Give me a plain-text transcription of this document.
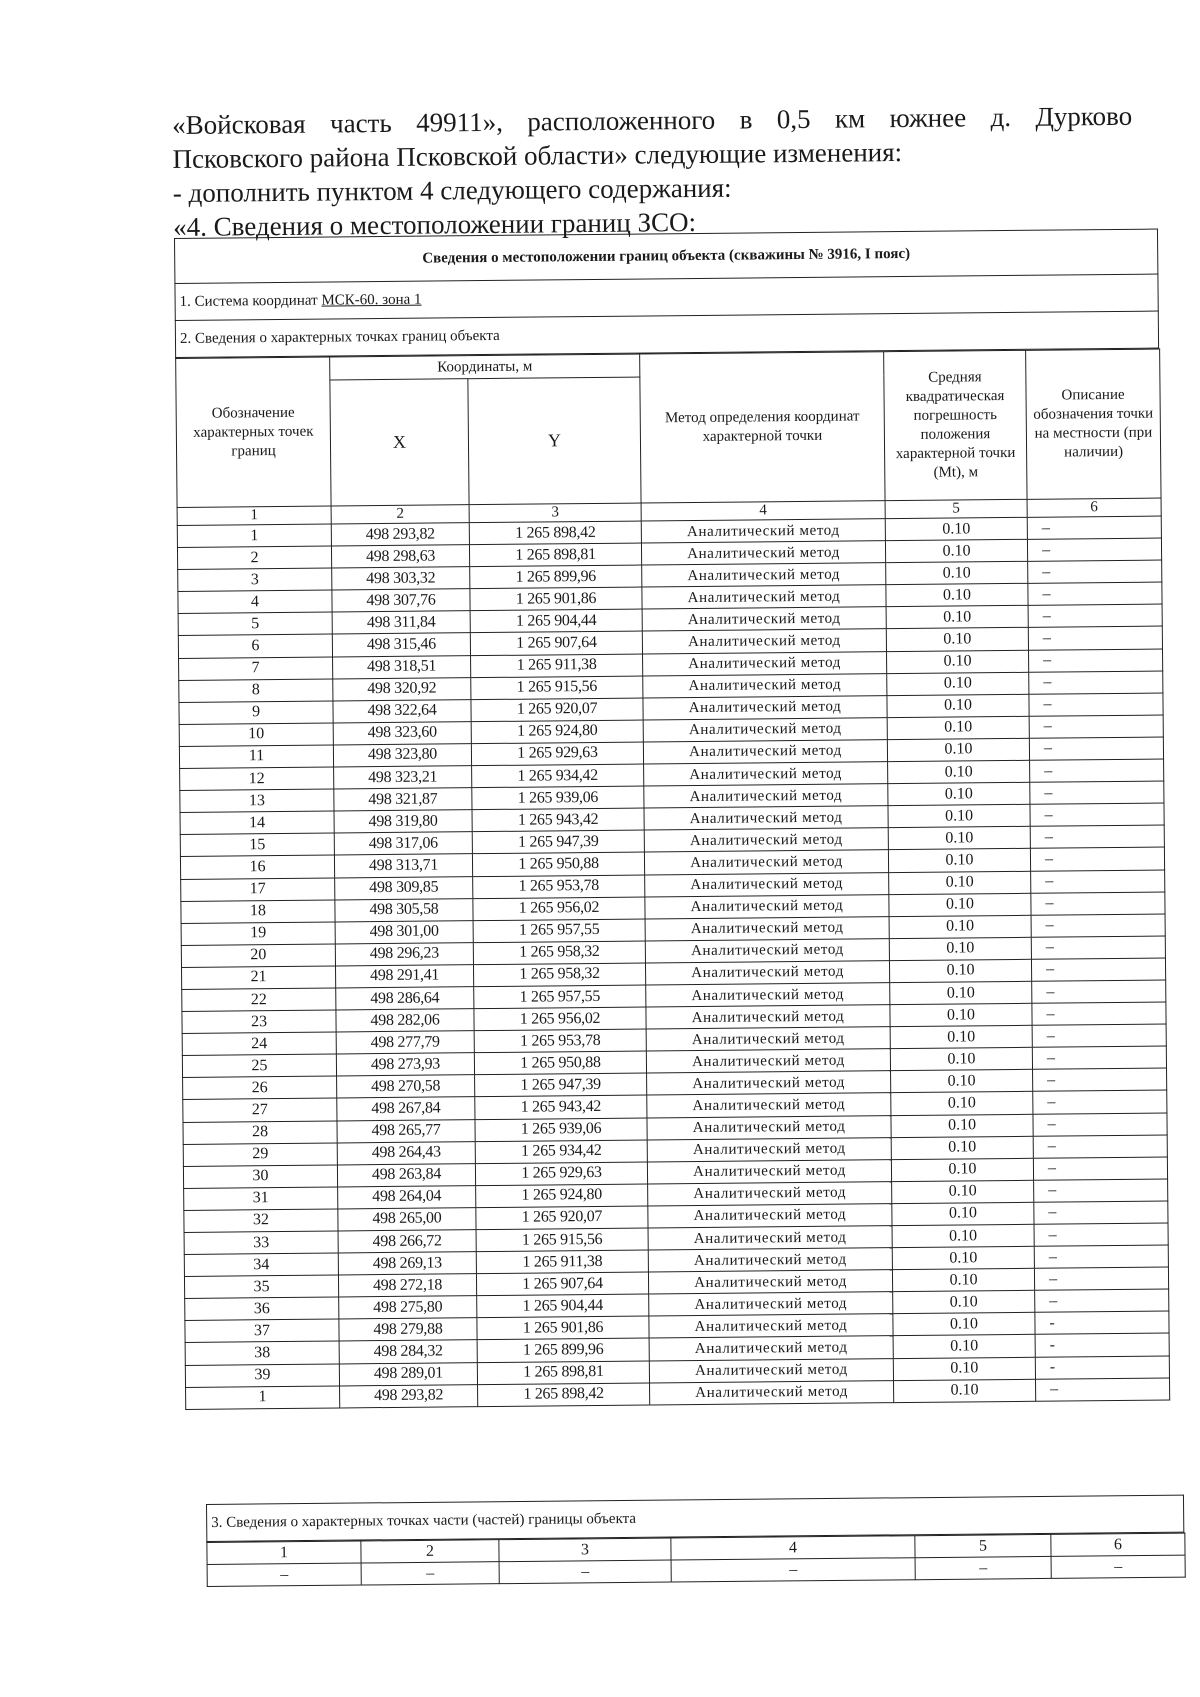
«Войсковая часть 49911», расположенного в 0,5 км южнее д. Дурково
Псковского района Псковской области» следующие изменения:
- дополнить пунктом 4 следующего содержания:
«4. Сведения о местоположении границ ЗСО:
Сведения о местоположении границ объекта (скважины № 3916, I пояс)
1. Система координат МСК-60. зона 1
2. Сведения о характерных точках границ объекта
Обозначение характерных точек границ	Координаты, м		Метод определения координат характерной точки	Средняя квадратическая погрешность положения характерной точки (Mt), м	Описание обозначения точки на местности (при наличии)
	X	Y			
1	2	3	4	5	6
1	498 293,82	1 265 898,42	Аналитический метод	0.10	–
2	498 298,63	1 265 898,81	Аналитический метод	0.10	–
3	498 303,32	1 265 899,96	Аналитический метод	0.10	–
4	498 307,76	1 265 901,86	Аналитический метод	0.10	–
5	498 311,84	1 265 904,44	Аналитический метод	0.10	–
6	498 315,46	1 265 907,64	Аналитический метод	0.10	–
7	498 318,51	1 265 911,38	Аналитический метод	0.10	–
8	498 320,92	1 265 915,56	Аналитический метод	0.10	–
9	498 322,64	1 265 920,07	Аналитический метод	0.10	–
10	498 323,60	1 265 924,80	Аналитический метод	0.10	–
11	498 323,80	1 265 929,63	Аналитический метод	0.10	–
12	498 323,21	1 265 934,42	Аналитический метод	0.10	–
13	498 321,87	1 265 939,06	Аналитический метод	0.10	–
14	498 319,80	1 265 943,42	Аналитический метод	0.10	–
15	498 317,06	1 265 947,39	Аналитический метод	0.10	–
16	498 313,71	1 265 950,88	Аналитический метод	0.10	–
17	498 309,85	1 265 953,78	Аналитический метод	0.10	–
18	498 305,58	1 265 956,02	Аналитический метод	0.10	–
19	498 301,00	1 265 957,55	Аналитический метод	0.10	–
20	498 296,23	1 265 958,32	Аналитический метод	0.10	–
21	498 291,41	1 265 958,32	Аналитический метод	0.10	–
22	498 286,64	1 265 957,55	Аналитический метод	0.10	–
23	498 282,06	1 265 956,02	Аналитический метод	0.10	–
24	498 277,79	1 265 953,78	Аналитический метод	0.10	–
25	498 273,93	1 265 950,88	Аналитический метод	0.10	–
26	498 270,58	1 265 947,39	Аналитический метод	0.10	–
27	498 267,84	1 265 943,42	Аналитический метод	0.10	–
28	498 265,77	1 265 939,06	Аналитический метод	0.10	–
29	498 264,43	1 265 934,42	Аналитический метод	0.10	–
30	498 263,84	1 265 929,63	Аналитический метод	0.10	–
31	498 264,04	1 265 924,80	Аналитический метод	0.10	–
32	498 265,00	1 265 920,07	Аналитический метод	0.10	–
33	498 266,72	1 265 915,56	Аналитический метод	0.10	–
34	498 269,13	1 265 911,38	Аналитический метод	0.10	–
35	498 272,18	1 265 907,64	Аналитический метод	0.10	–
36	498 275,80	1 265 904,44	Аналитический метод	0.10	–
37	498 279,88	1 265 901,86	Аналитический метод	0.10	-
38	498 284,32	1 265 899,96	Аналитический метод	0.10	-
39	498 289,01	1 265 898,81	Аналитический метод	0.10	-
1	498 293,82	1 265 898,42	Аналитический метод	0.10	–
3. Сведения о характерных точках части (частей) границы объекта
1	2	3	4	5	6
–	–	–	–	–	–
